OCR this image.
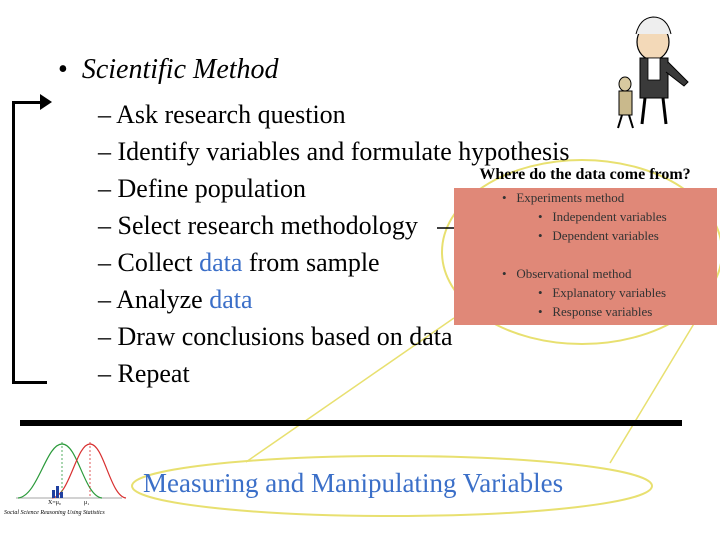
• Scientific Method
– Ask research question
– Identify variables and formulate hypothesis
– Define population
– Select research methodology
– Collect data from sample
– Analyze data
– Draw conclusions based on data
– Repeat
•   Experiments method
•   Independent variables
•   Dependent variables
•   Observational method
•   Explanatory variables
•   Response variables
Where do the data come from?
X=μ₀	μ₁
Measuring and Manipulating Variables
Social Science Reasoning Using Statistics
